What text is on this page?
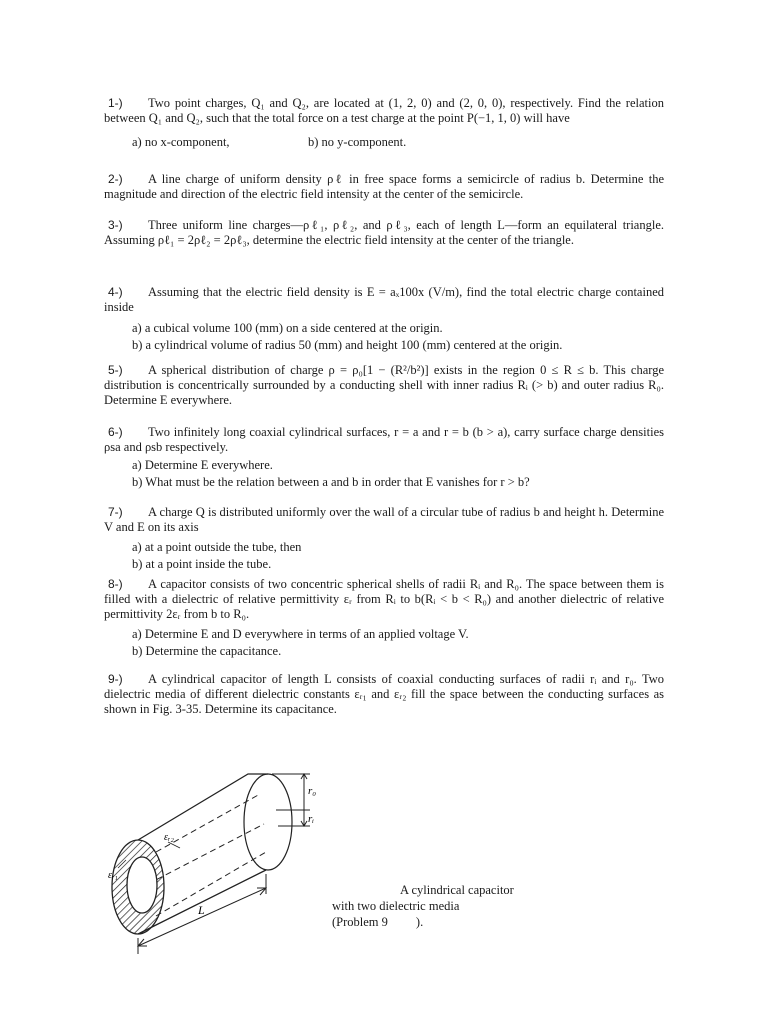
1-) Two point charges, Q₁ and Q₂, are located at (1, 2, 0) and (2, 0, 0), respectively. Find the relation between Q₁ and Q₂, such that the total force on a test charge at the point P(−1, 1, 0) will have

a) no x-component,	b) no y-component.

2-) A line charge of uniform density ρℓ in free space forms a semicircle of radius b. Determine the magnitude and direction of the electric field intensity at the center of the semicircle.

3-) Three uniform line charges—ρℓ₁, ρℓ₂, and ρℓ₃, each of length L—form an equilateral triangle. Assuming ρℓ₁ = 2ρℓ₂ = 2ρℓ₃, determine the electric field intensity at the center of the triangle.

4-) Assuming that the electric field density is E = aₓ100x (V/m), find the total electric charge contained inside

a) a cubical volume 100 (mm) on a side centered at the origin.
b) a cylindrical volume of radius 50 (mm) and height 100 (mm) centered at the origin.

5-) A spherical distribution of charge ρ = ρ₀[1 − (R²/b²)] exists in the region 0 ≤ R ≤ b. This charge distribution is concentrically surrounded by a conducting shell with inner radius Rᵢ (> b) and outer radius R₀. Determine E everywhere.

6-) Two infinitely long coaxial cylindrical surfaces, r = a and r = b (b > a), carry surface charge densities ρsa and ρsb respectively.

a) Determine E everywhere.
b) What must be the relation between a and b in order that E vanishes for r > b?

7-) A charge Q is distributed uniformly over the wall of a circular tube of radius b and height h. Determine V and E on its axis

a) at a point outside the tube, then
b) at a point inside the tube.

8-) A capacitor consists of two concentric spherical shells of radii Rᵢ and R₀. The space between them is filled with a dielectric of relative permittivity εᵣ from Rᵢ to b(Rᵢ < b < R₀) and another dielectric of relative permittivity 2εᵣ from b to R₀.

a) Determine E and D everywhere in terms of an applied voltage V.
b) Determine the capacitance.

9-) A cylindrical capacitor of length L consists of coaxial conducting surfaces of radii rᵢ and r₀. Two dielectric media of different dielectric constants εᵣ₁ and εᵣ₂ fill the space between the conducting surfaces as shown in Fig. 3-35. Determine its capacitance.

r₀
rᵢ
εᵣ₂
εᵣ₁
L
A cylindrical capacitor
with two dielectric media
(Problem 9 ).
